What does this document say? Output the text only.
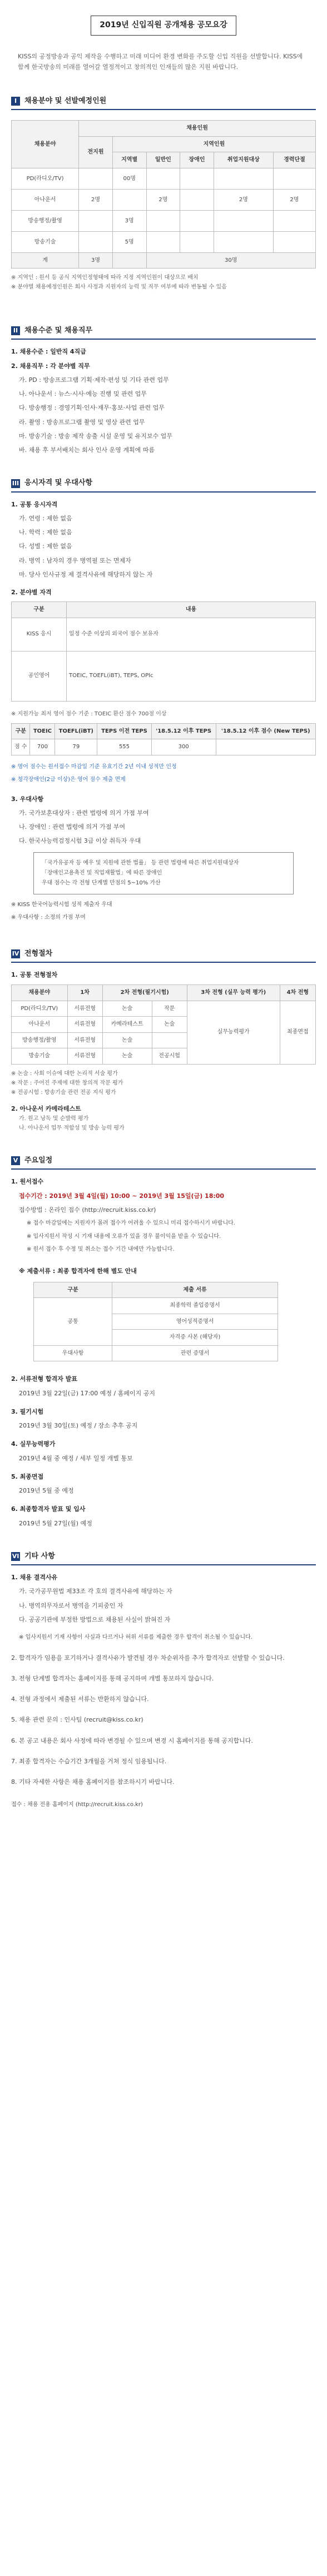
2019년 신입직원 공개채용 공모요강
KISS의 공정방송과 공익 제작을 수행하고 미래 미디어 환경 변화를 주도할 신입 직원을 선발합니다. KISS에 함께 한국방송의 미래를 열어갈 열정적이고 창의적인 인재들의 많은 지원 바랍니다.
I	채용분야 및 선발예정인원
채용분야	채용인원					
	전지원	지역인원				
		지역별	일반인	장애인	취업지원대상	경력단절
PD(라디오/TV)		00명				
아나운서	2명		2명		2명	2명
방송행정/촬영		3명				
방송기술		5명				
계	3명		30명			
※ 지역인 : 원서 등 공식 지역인정형태에 따라 지정 지역인원이 대상으로 배치
※ 분야별 채용예정인원은 회사 사정과 지원자의 능력 및 직무 여부에 따라 변동될 수 있음
II 채용수준 및 채용직무
1. 채용수준 : 일반직 4직급
2. 채용직무 : 각 분야별 직무
가. PD : 방송프로그램 기획·제작·편성 및 기타 관련 업무
나. 아나운서 : 뉴스·시사·예능 진행 및 관련 업무
다. 방송행정 : 경영기획·인사·재무·홍보·사업 관련 업무
라. 촬영 : 방송프로그램 촬영 및 영상 관련 업무
마. 방송기술 : 방송 제작 송출 시설 운영 및 유지보수 업무
바. 채용 후 부서배치는 회사 인사 운영 계획에 따름
III 응시자격 및 우대사항
1. 공통 응시자격
가. 연령 : 제한 없음
나. 학력 : 제한 없음
다. 성별 : 제한 없음
라. 병역 : 남자의 경우 병역필 또는 면제자
마. 당사 인사규정 제 결격사유에 해당하지 않는 자
2. 분야별 자격
구분	내용
KISS 응시	일정 수준 이상의 외국어 점수 보유자
공인영어	TOEIC, TOEFL(iBT), TEPS, OPIc
※ 지원가능 최저 영어 점수 기준 : TOEIC 환산 점수 700점 이상
구분	TOEIC	TOEFL(iBT)	TEPS 이전 TEPS	'18.5.12 이후 TEPS	'18.5.12 이후 점수 (New TEPS)
점 수	700	79	555	300	
※ 영어 점수는 원서접수 마감일 기준 유효기간 2년 이내 성적만 인정
※ 청각장애인(2급 이상)은 영어 점수 제출 면제
3. 우대사항
가. 국가보훈대상자 : 관련 법령에 의거 가점 부여
나. 장애인 : 관련 법령에 의거 가점 부여
다. 한국사능력검정시험 3급 이상 취득자 우대
「국가유공자 등 예우 및 지원에 관한 법률」 등 관련 법령에 따른 취업지원대상자
「장애인고용촉진 및 직업재활법」에 따른 장애인
우대 점수는 각 전형 단계별 만점의 5~10% 가산
※ KISS 한국어능력시험 성적 제출자 우대
※ 우대사항 : 소정의 가점 부여
IV 전형절차
1. 공통 전형절차
채용분야	1차	2차 전형(필기시험)		3차 전형 (실무 능력 평가)	4차 전형
PD(라디오/TV)	서류전형	논술	작문	실무능력평가	최종면접
아나운서	서류전형	카메라테스트	논술		
방송행정/촬영	서류전형	논술			
방송기술	서류전형	논술	전공시험		
※ 논술 : 사회 이슈에 대한 논리적 서술 평가
※ 작문 : 주어진 주제에 대한 창의적 작문 평가
※ 전공시험 : 방송기술 관련 전공 지식 평가
2. 아나운서 카메라테스트
가. 원고 낭독 및 순발력 평가
나. 아나운서 업무 적합성 및 방송 능력 평가
V 주요일정
1. 원서접수
접수기간 : 2019년 3월 4일(월) 10:00 ~ 2019년 3월 15일(금) 18:00
접수방법 : 온라인 접수 (http://recruit.kiss.co.kr)
※ 접수 마감일에는 지원자가 몰려 접수가 어려울 수 있으니 미리 접수하시기 바랍니다.
※ 입사지원서 작성 시 기재 내용에 오류가 있을 경우 불이익을 받을 수 있습니다.
※ 원서 접수 후 수정 및 취소는 접수 기간 내에만 가능합니다.
※ 제출서류 : 최종 합격자에 한해 별도 안내
구분	제출 서류
공통	최종학력 졸업증명서
	영어성적증명서
	자격증 사본 (해당자)
우대사항	관련 증명서
2. 서류전형 합격자 발표
2019년 3월 22일(금) 17:00 예정 / 홈페이지 공지
3. 필기시험
2019년 3월 30일(토) 예정 / 장소 추후 공지
4. 실무능력평가
2019년 4월 중 예정 / 세부 일정 개별 통보
5. 최종면접
2019년 5월 중 예정
6. 최종합격자 발표 및 입사
2019년 5월 27일(월) 예정
VI 기타 사항
1. 채용 결격사유
가. 국가공무원법 제33조 각 호의 결격사유에 해당하는 자
나. 병역의무자로서 병역을 기피중인 자
다. 공공기관에 부정한 방법으로 채용된 사실이 밝혀진 자
※ 입사지원서 기재 사항이 사실과 다르거나 허위 서류를 제출한 경우 합격이 취소될 수 있습니다.
2. 합격자가 임용을 포기하거나 결격사유가 발견될 경우 차순위자를 추가 합격자로 선발할 수 있습니다.
3. 전형 단계별 합격자는 홈페이지를 통해 공지하며 개별 통보하지 않습니다.
4. 전형 과정에서 제출된 서류는 반환하지 않습니다.
5. 채용 관련 문의 : 인사팀 (recruit@kiss.co.kr)
6. 본 공고 내용은 회사 사정에 따라 변경될 수 있으며 변경 시 홈페이지를 통해 공지합니다.
7. 최종 합격자는 수습기간 3개월을 거쳐 정식 임용됩니다.
8. 기타 자세한 사항은 채용 홈페이지를 참조하시기 바랍니다.
접수 : 채용 전용 홈페이지 (http://recruit.kiss.co.kr)
